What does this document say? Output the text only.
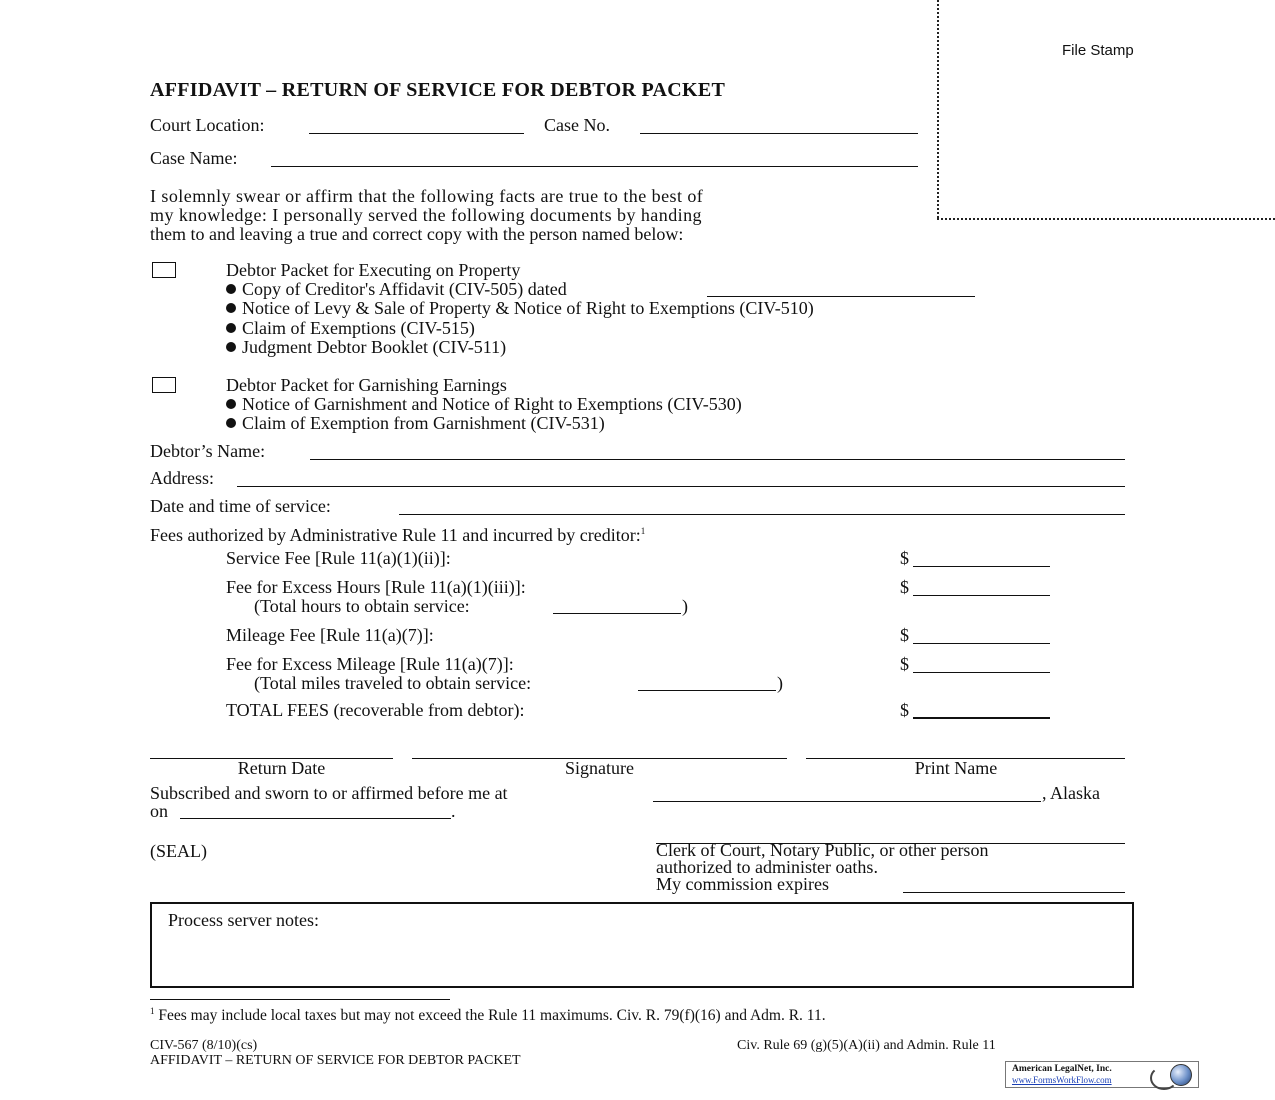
File Stamp
AFFIDAVIT – RETURN OF SERVICE FOR DEBTOR PACKET
Court Location:	Case No.
Case Name:
I solemnly swear or affirm that the following facts are true to the best of
my knowledge: I personally served the following documents by handing
them to and leaving a true and correct copy with the person named below:
Debtor Packet for Executing on Property
Copy of Creditor's Affidavit (CIV-505) dated
Notice of Levy & Sale of Property & Notice of Right to Exemptions (CIV-510)
Claim of Exemptions (CIV-515)
Judgment Debtor Booklet (CIV-511)
Debtor Packet for Garnishing Earnings
Notice of Garnishment and Notice of Right to Exemptions (CIV-530)
Claim of Exemption from Garnishment (CIV-531)
Debtor’s Name:
Address:
Date and time of service:
Fees authorized by Administrative Rule 11 and incurred by creditor:$^1$
Service Fee [Rule 11(a)(1)(ii)]:	$
Fee for Excess Hours [Rule 11(a)(1)(iii)]:	$
(Total hours to obtain service:	)
Mileage Fee [Rule 11(a)(7)]:	$
Fee for Excess Mileage [Rule 11(a)(7)]:	$
(Total miles traveled to obtain service:	)
TOTAL FEES (recoverable from debtor):	$
Return Date	Signature	Print Name
Subscribed and sworn to or affirmed before me at	, Alaska
on	.
(SEAL)	Clerk of Court, Notary Public, or other person
authorized to administer oaths.
My commission expires
Process server notes:
$^1$ Fees may include local taxes but may not exceed the Rule 11 maximums. Civ. R. 79(f)(16) and Adm. R. 11.
CIV-567 (8/10)(cs)
AFFIDAVIT – RETURN OF SERVICE FOR DEBTOR PACKET
Civ. Rule 69 (g)(5)(A)(ii) and Admin. Rule 11
American LegalNet, Inc.
www.FormsWorkFlow.com
